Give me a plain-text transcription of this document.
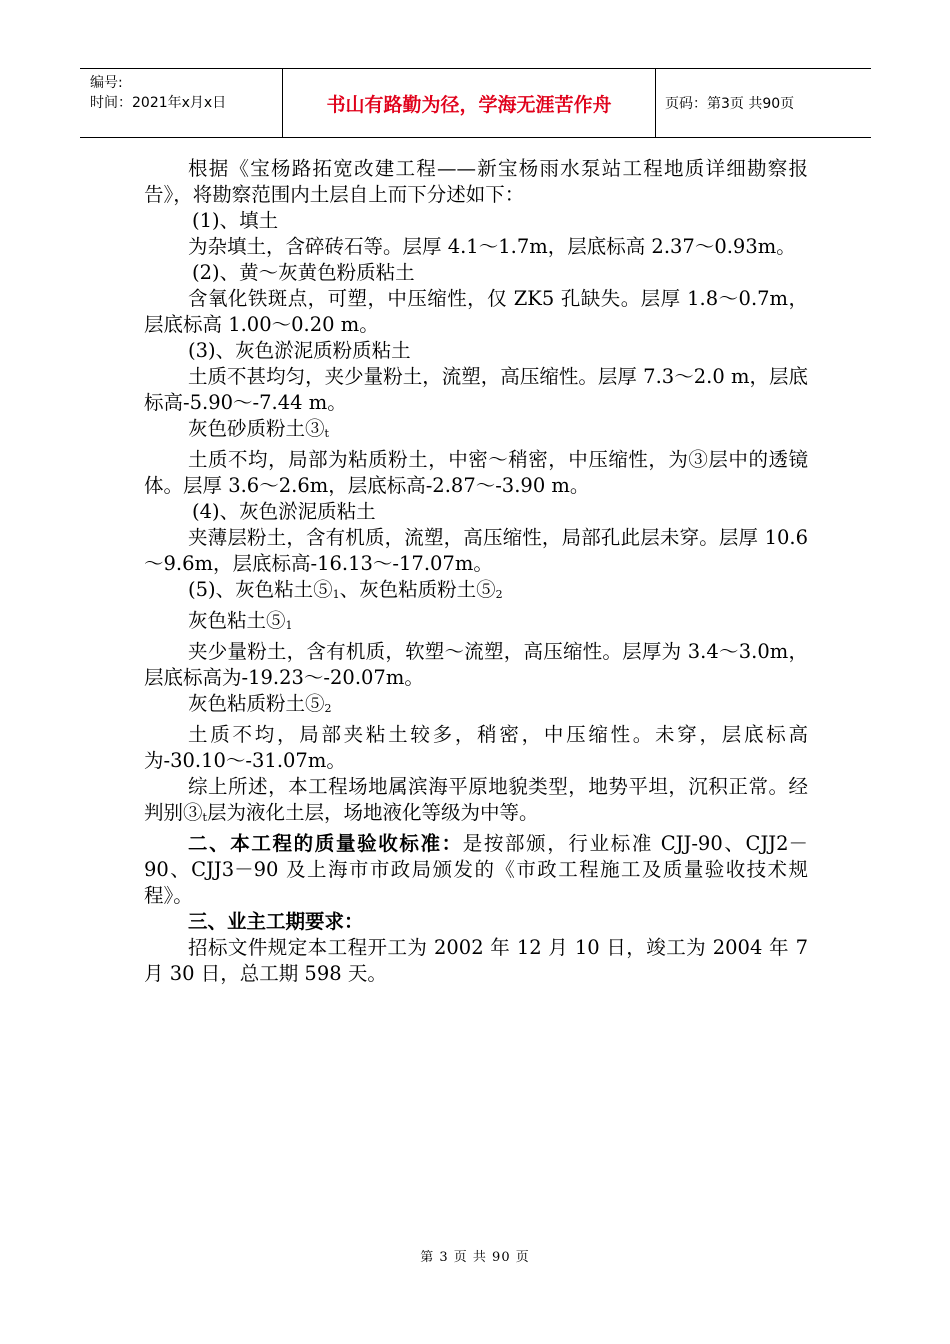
编号:
时间：2021年x月x日	书山有路勤为径，学海无涯苦作舟	页码：第3页 共90页

根据《宝杨路拓宽改建工程——新宝杨雨水泵站工程地质详细勘察报告》，将勘察范围内土层自上而下分述如下：

(1)、填土

为杂填土，含碎砖石等。层厚 4.1～1.7m，层底标高 2.37～0.93m。

(2)、黄～灰黄色粉质粘土

含氧化铁斑点，可塑，中压缩性，仅 ZK5 孔缺失。层厚 1.8～0.7m，层底标高 1.00～0.20 m。

(3)、灰色淤泥质粉质粘土

土质不甚均匀，夹少量粉土，流塑，高压缩性。层厚 7.3～2.0 m，层底标高-5.90～-7.44 m。

灰色砂质粉土③t

土质不均，局部为粘质粉土，中密～稍密，中压缩性，为③层中的透镜体。层厚 3.6～2.6m，层底标高-2.87～-3.90 m。

(4)、灰色淤泥质粘土

夹薄层粉土，含有机质，流塑，高压缩性，局部孔此层未穿。层厚 10.6～9.6m，层底标高-16.13～-17.07m。

(5)、灰色粘土⑤1、灰色粘质粉土⑤2

灰色粘土⑤1

夹少量粉土，含有机质，软塑～流塑，高压缩性。层厚为 3.4～3.0m，层底标高为-19.23～-20.07m。

灰色粘质粉土⑤2

土质不均，局部夹粘土较多，稍密，中压缩性。未穿，层底标高为-30.10～-31.07m。

综上所述，本工程场地属滨海平原地貌类型，地势平坦，沉积正常。经判别③t层为液化土层，场地液化等级为中等。

二、本工程的质量验收标准：是按部颁，行业标准 CJJ-90、CJJ2－90、CJJ3－90 及上海市市政局颁发的《市政工程施工及质量验收技术规程》。

三、业主工期要求：

招标文件规定本工程开工为 2002 年 12 月 10 日，竣工为 2004 年 7 月 30 日，总工期 598 天。

第 3 页 共 90 页
